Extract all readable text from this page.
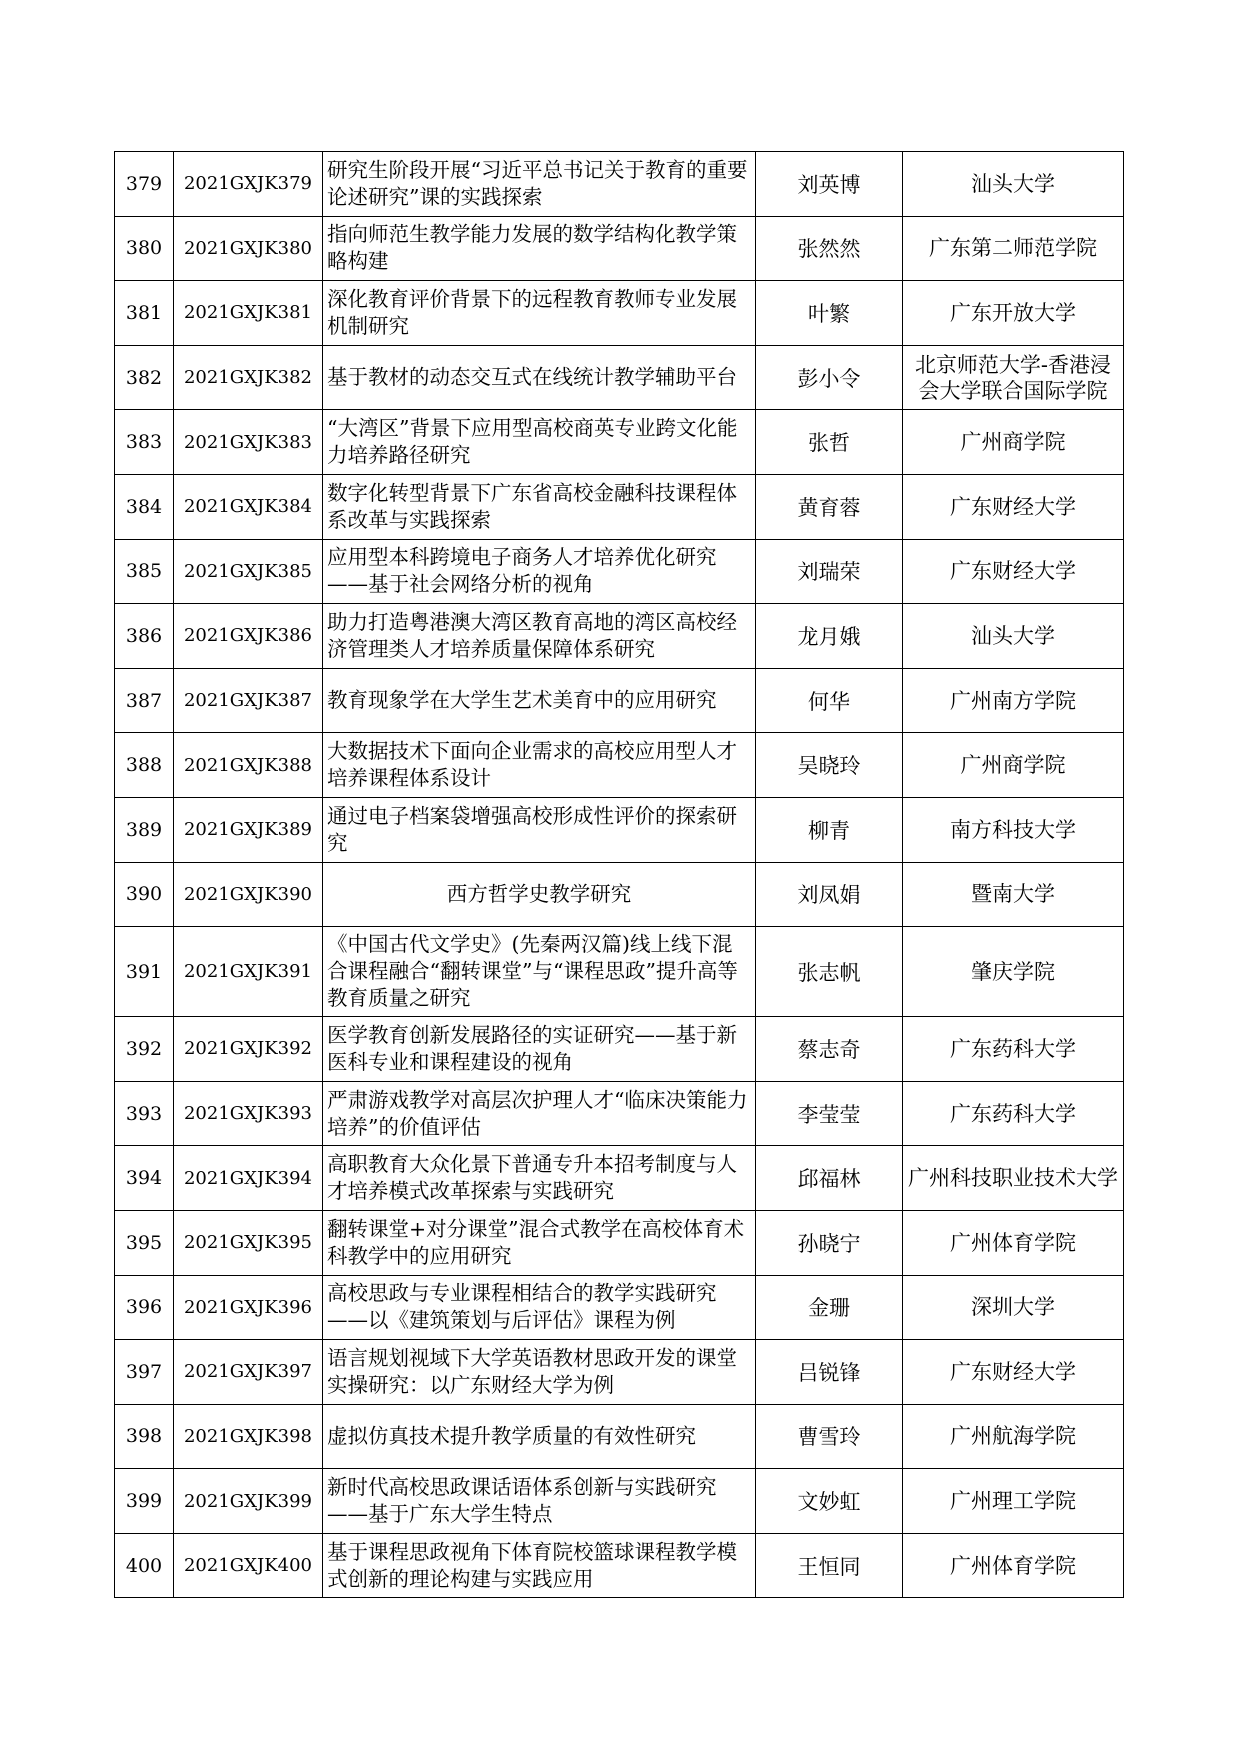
379	2021GXJK379	研究生阶段开展“习近平总书记关于教育的重要论述研究”课的实践探索	刘英博	汕头大学
380	2021GXJK380	指向师范生教学能力发展的数学结构化教学策略构建	张然然	广东第二师范学院
381	2021GXJK381	深化教育评价背景下的远程教育教师专业发展机制研究	叶繁	广东开放大学
382	2021GXJK382	基于教材的动态交互式在线统计教学辅助平台	彭小令	北京师范大学-香港浸会大学联合国际学院

383	2021GXJK383	“大湾区”背景下应用型高校商英专业跨文化能力培养路径研究	张哲	广州商学院
384	2021GXJK384	数字化转型背景下广东省高校金融科技课程体系改革与实践探索	黄育蓉	广东财经大学
385	2021GXJK385	应用型本科跨境电子商务人才培养优化研究——基于社会网络分析的视角	刘瑞荣	广东财经大学
386	2021GXJK386	助力打造粤港澳大湾区教育高地的湾区高校经济管理类人才培养质量保障体系研究	龙月娥	汕头大学
387	2021GXJK387	教育现象学在大学生艺术美育中的应用研究	何华	广州南方学院
388	2021GXJK388	大数据技术下面向企业需求的高校应用型人才培养课程体系设计	吴晓玲	广州商学院
389	2021GXJK389	通过电子档案袋增强高校形成性评价的探索研究	柳青	南方科技大学
390	2021GXJK390	西方哲学史教学研究	刘凤娟	暨南大学
391	2021GXJK391	《中国古代文学史》(先秦两汉篇)线上线下混合课程融合“翻转课堂”与“课程思政”提升高等教育质量之研究	张志帆	肇庆学院
392	2021GXJK392	医学教育创新发展路径的实证研究——基于新医科专业和课程建设的视角	蔡志奇	广东药科大学
393	2021GXJK393	严肃游戏教学对高层次护理人才“临床决策能力培养”的价值评估	李莹莹	广东药科大学
394	2021GXJK394	高职教育大众化景下普通专升本招考制度与人才培养模式改革探索与实践研究	邱福林	广州科技职业技术大学
395	2021GXJK395	翻转课堂+对分课堂”混合式教学在高校体育术科教学中的应用研究	孙晓宁	广州体育学院
396	2021GXJK396	高校思政与专业课程相结合的教学实践研究——以《建筑策划与后评估》课程为例	金珊	深圳大学
397	2021GXJK397	语言规划视域下大学英语教材思政开发的课堂实操研究：以广东财经大学为例	吕锐锋	广东财经大学
398	2021GXJK398	虚拟仿真技术提升教学质量的有效性研究	曹雪玲	广州航海学院
399	2021GXJK399	新时代高校思政课话语体系创新与实践研究——基于广东大学生特点	文妙虹	广州理工学院
400	2021GXJK400	基于课程思政视角下体育院校篮球课程教学模式创新的理论构建与实践应用	王恒同	广州体育学院
